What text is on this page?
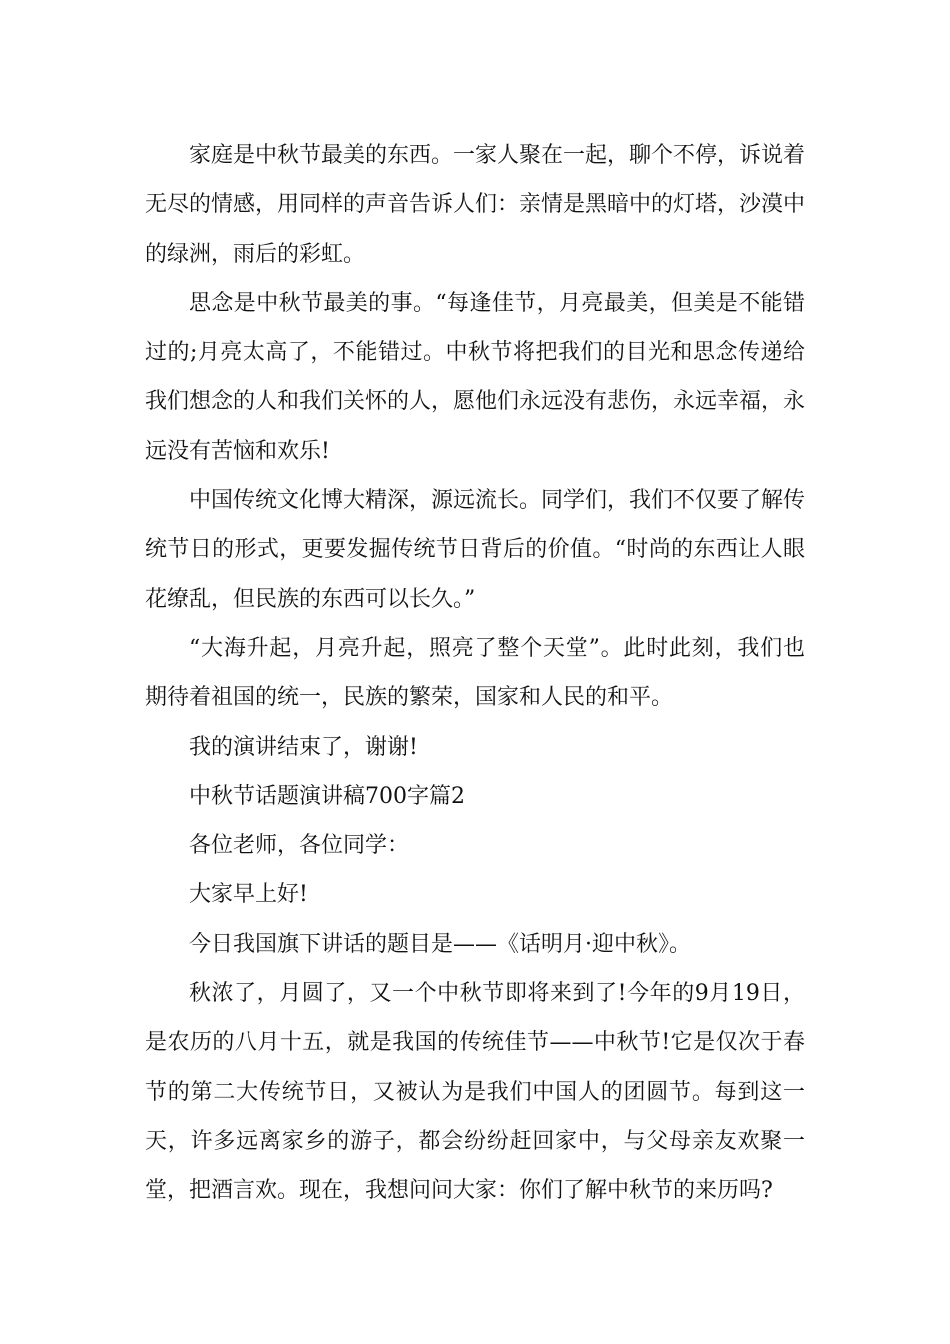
家庭是中秋节最美的东西。一家人聚在一起，聊个不停，诉说着无尽的情感，用同样的声音告诉人们：亲情是黑暗中的灯塔，沙漠中的绿洲，雨后的彩虹。

思念是中秋节最美的事。“每逢佳节，月亮最美，但美是不能错过的;月亮太高了，不能错过。中秋节将把我们的目光和思念传递给我们想念的人和我们关怀的人，愿他们永远没有悲伤，永远幸福，永远没有苦恼和欢乐!

中国传统文化博大精深，源远流长。同学们，我们不仅要了解传统节日的形式，更要发掘传统节日背后的价值。“时尚的东西让人眼花缭乱，但民族的东西可以长久。”

“大海升起，月亮升起，照亮了整个天堂”。此时此刻，我们也期待着祖国的统一，民族的繁荣，国家和人民的和平。

我的演讲结束了，谢谢!

中秋节话题演讲稿700字篇2

各位老师，各位同学：

大家早上好!

今日我国旗下讲话的题目是——《话明月·迎中秋》。

秋浓了，月圆了，又一个中秋节即将来到了!今年的9月19日，是农历的八月十五，就是我国的传统佳节——中秋节!它是仅次于春节的第二大传统节日，又被认为是我们中国人的团圆节。每到这一天，许多远离家乡的游子，都会纷纷赶回家中，与父母亲友欢聚一堂，把酒言欢。现在，我想问问大家：你们了解中秋节的来历吗?
